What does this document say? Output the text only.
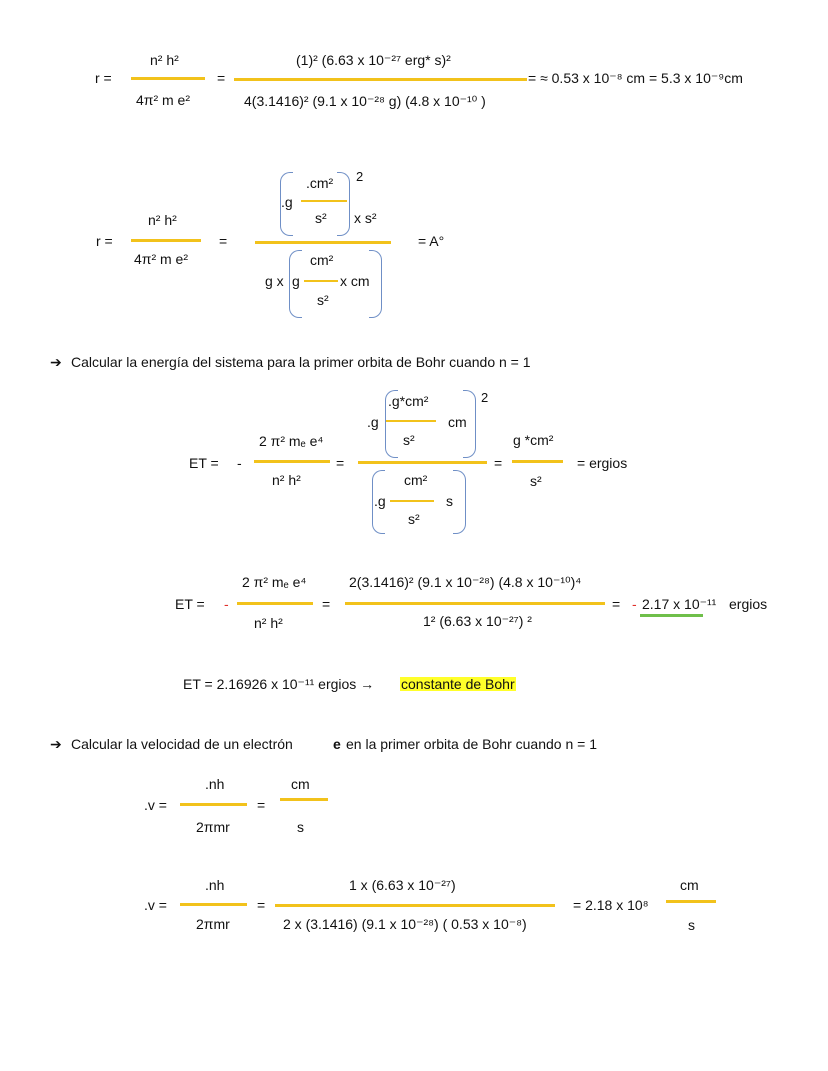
r =
n² h²
4π² m e²
=
(1)² (6.63 x 10⁻²⁷ erg* s)²
4(3.1416)² (9.1 x 10⁻²⁸ g) (4.8 x 10⁻¹⁰ )
= ≈ 0.53 x 10⁻⁸ cm = 5.3 x 10⁻⁹cm
r =
n² h²
4π² m e²
=
.g
.cm²
s²
2
x s²
g x g
cm²
x cm
s²
= A°
➔ Calcular la energía del sistema para la primer orbita de Bohr cuando n = 1
ET = -
2 π² mₑ e⁴
n² h²
=
.g
.g*cm²
cm
s²
2
.g
cm²
s
s²
=
g *cm²
s²
= ergios
ET = -
2 π² mₑ e⁴
n² h²
=
2(3.1416)² (9.1 x 10⁻²⁸) (4.8 x 10⁻¹⁰)⁴
1² (6.63 x 10⁻²⁷) ²
= - 2.17 x 10⁻¹¹ ergios
ET = 2.16926 x 10⁻¹¹ ergios → constante de Bohr
➔ Calcular la velocidad de un electrón	e en la primer orbita de Bohr cuando n = 1
.v =
.nh
2πmr
=
cm
s
.v =
.nh
2πmr
=
1 x (6.63 x 10⁻²⁷)
2 x (3.1416) (9.1 x 10⁻²⁸) ( 0.53 x 10⁻⁸)
= 2.18 x 10⁸
cm
s
